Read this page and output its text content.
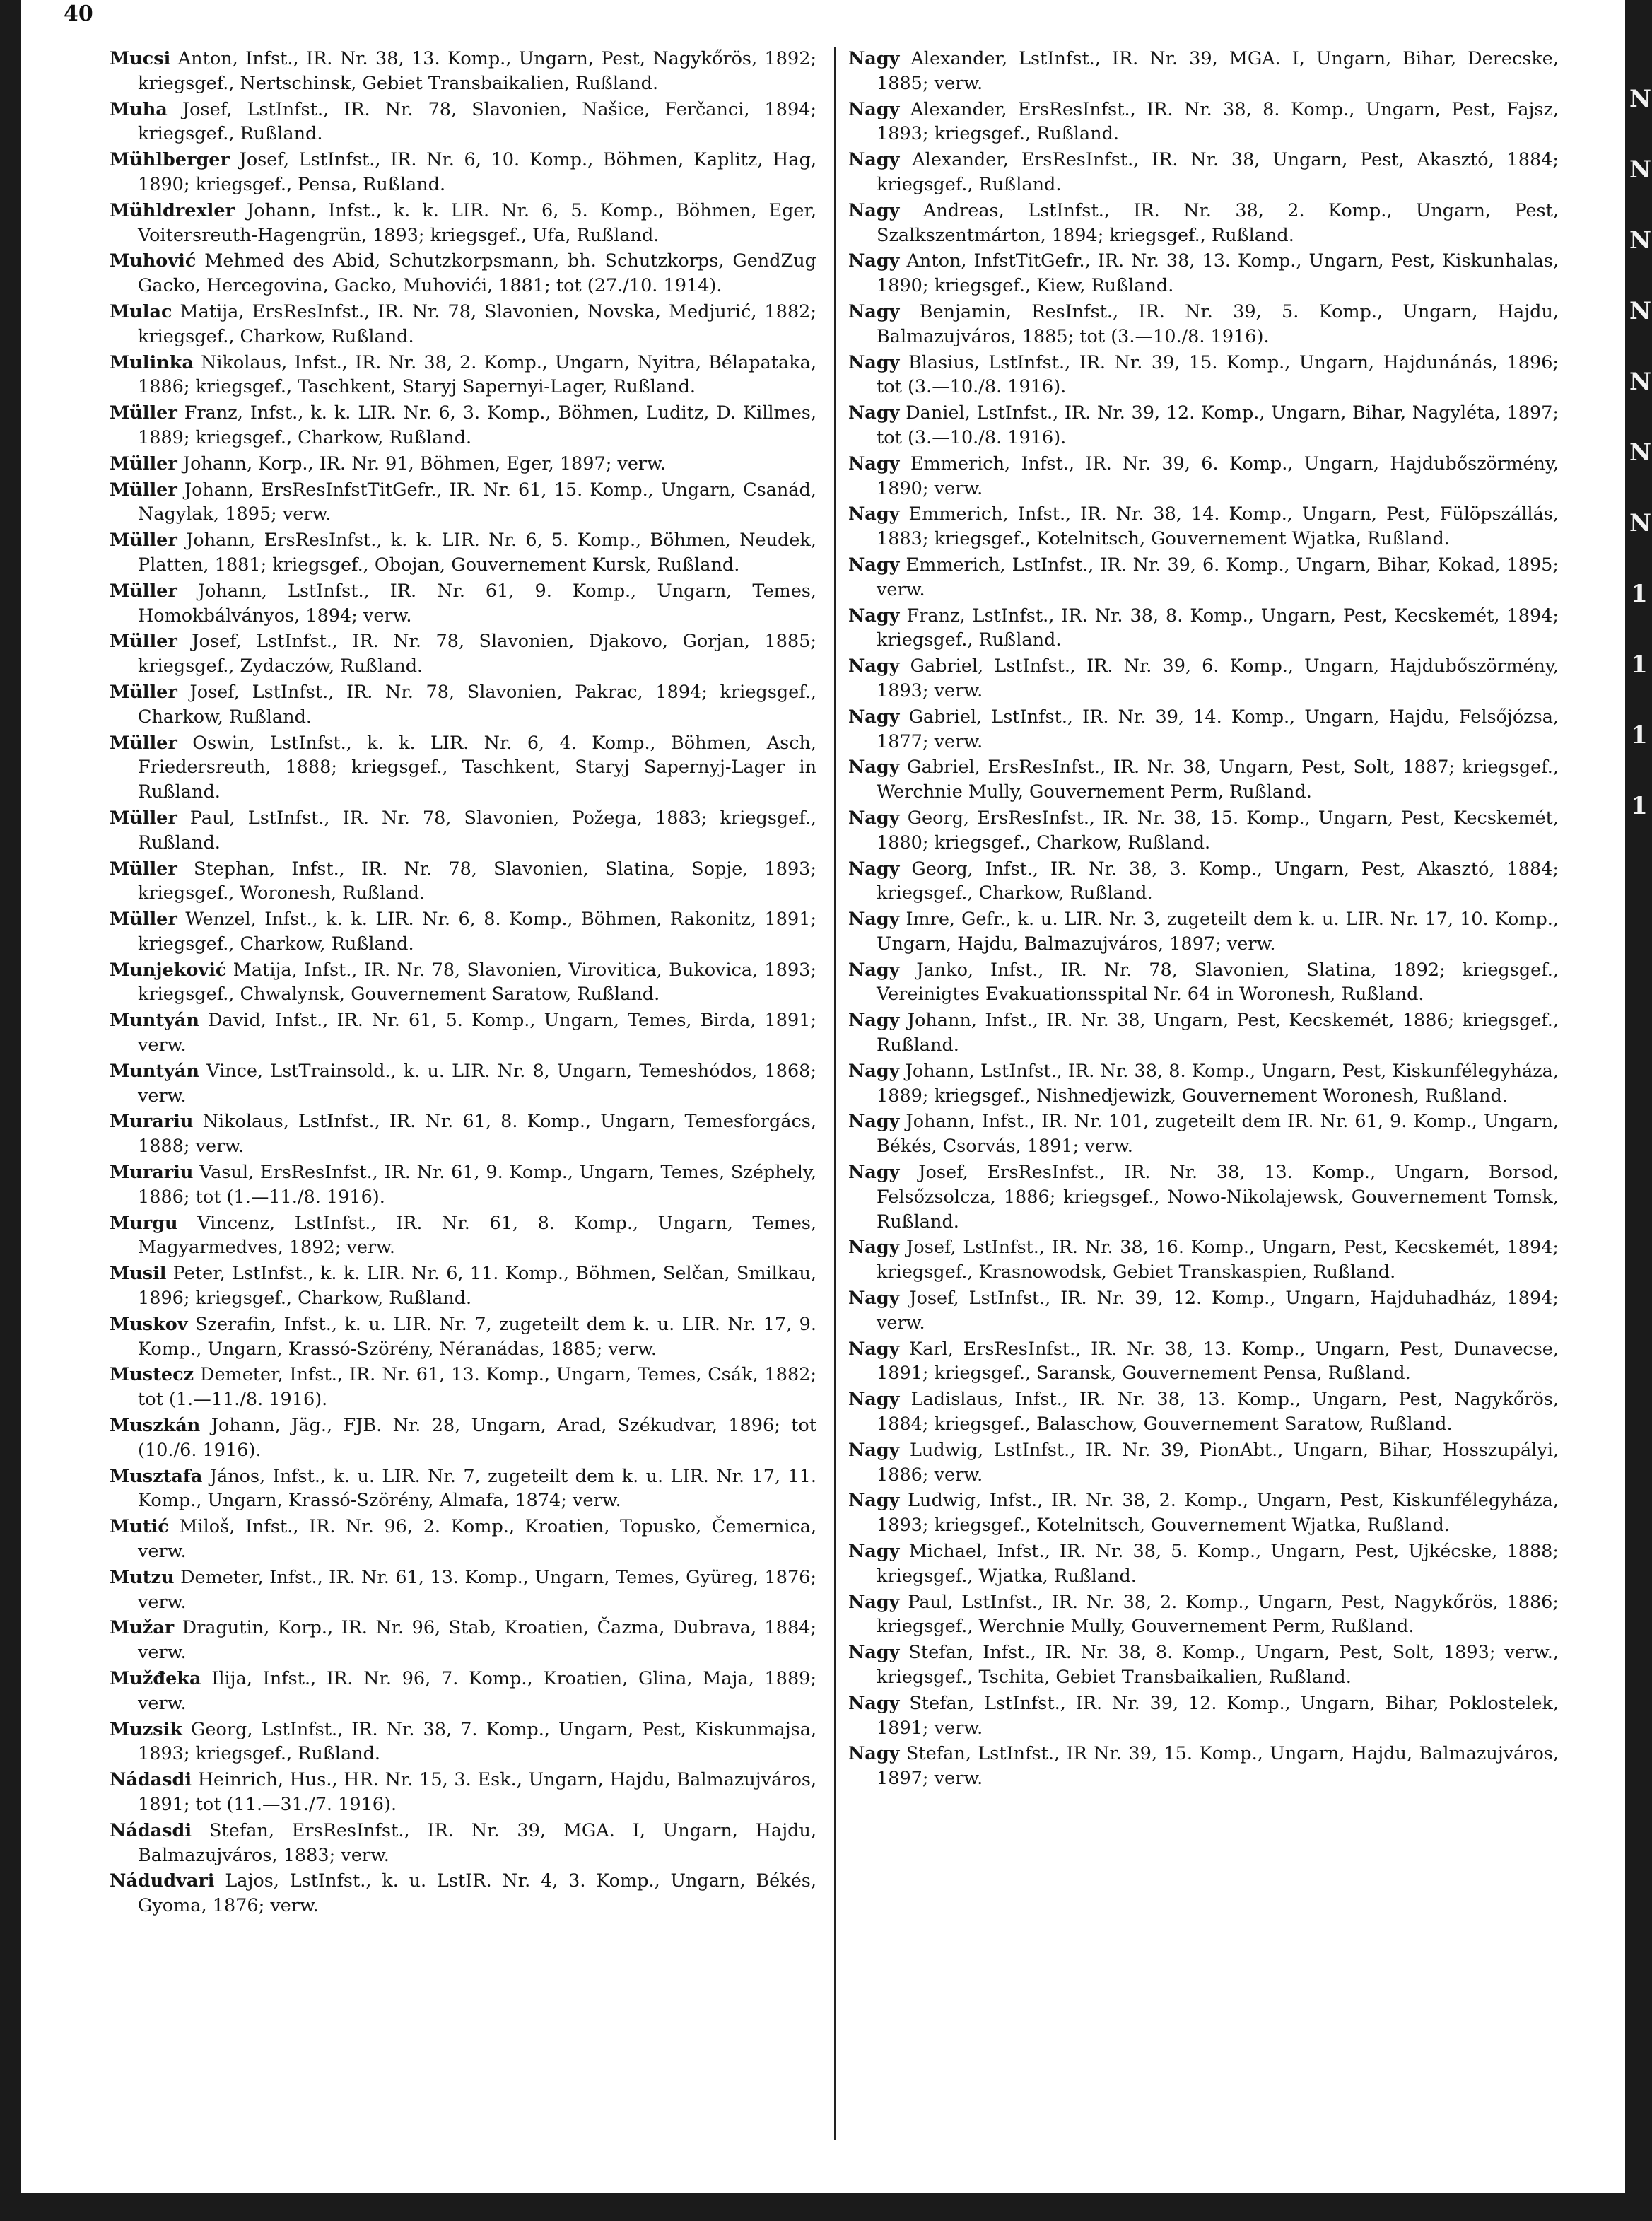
40
N
N
N
N
N
N
N
1
1
1
1

Mucsi Anton, Infst., IR. Nr. 38, 13. Komp., Ungarn, Pest, Nagykőrös, 1892; kriegsgef., Nertschinsk, Gebiet Transbaikalien, Rußland.

Muha Josef, LstInfst., IR. Nr. 78, Slavonien, Našice, Ferčanci, 1894; kriegsgef., Rußland.

Mühlberger Josef, LstInfst., IR. Nr. 6, 10. Komp., Böhmen, Kaplitz, Hag, 1890; kriegsgef., Pensa, Rußland.

Mühldrexler Johann, Infst., k. k. LIR. Nr. 6, 5. Komp., Böhmen, Eger, Voitersreuth-Hagengrün, 1893; kriegsgef., Ufa, Rußland.

Muhović Mehmed des Abid, Schutzkorpsmann, bh. Schutzkorps, GendZug Gacko, Hercegovina, Gacko, Muhovići, 1881; tot (27./10. 1914).

Mulac Matija, ErsResInfst., IR. Nr. 78, Slavonien, Novska, Medjurić, 1882; kriegsgef., Charkow, Rußland.

Mulinka Nikolaus, Infst., IR. Nr. 38, 2. Komp., Ungarn, Nyitra, Bélapataka, 1886; kriegsgef., Taschkent, Staryj Sapernyi-Lager, Rußland.

Müller Franz, Infst., k. k. LIR. Nr. 6, 3. Komp., Böhmen, Luditz, D. Killmes, 1889; kriegsgef., Charkow, Rußland.

Müller Johann, Korp., IR. Nr. 91, Böhmen, Eger, 1897; verw.

Müller Johann, ErsResInfstTitGefr., IR. Nr. 61, 15. Komp., Ungarn, Csanád, Nagylak, 1895; verw.

Müller Johann, ErsResInfst., k. k. LIR. Nr. 6, 5. Komp., Böhmen, Neudek, Platten, 1881; kriegsgef., Obojan, Gouvernement Kursk, Rußland.

Müller Johann, LstInfst., IR. Nr. 61, 9. Komp., Ungarn, Temes, Homokbálványos, 1894; verw.

Müller Josef, LstInfst., IR. Nr. 78, Slavonien, Djakovo, Gorjan, 1885; kriegsgef., Zydaczów, Rußland.

Müller Josef, LstInfst., IR. Nr. 78, Slavonien, Pakrac, 1894; kriegsgef., Charkow, Rußland.

Müller Oswin, LstInfst., k. k. LIR. Nr. 6, 4. Komp., Böhmen, Asch, Friedersreuth, 1888; kriegsgef., Taschkent, Staryj Sapernyj-Lager in Rußland.

Müller Paul, LstInfst., IR. Nr. 78, Slavonien, Požega, 1883; kriegsgef., Rußland.

Müller Stephan, Infst., IR. Nr. 78, Slavonien, Slatina, Sopje, 1893; kriegsgef., Woronesh, Rußland.

Müller Wenzel, Infst., k. k. LIR. Nr. 6, 8. Komp., Böhmen, Rakonitz, 1891; kriegsgef., Charkow, Rußland.

Munjeković Matija, Infst., IR. Nr. 78, Slavonien, Virovitica, Bukovica, 1893; kriegsgef., Chwalynsk, Gouvernement Saratow, Rußland.

Muntyán David, Infst., IR. Nr. 61, 5. Komp., Ungarn, Temes, Birda, 1891; verw.

Muntyán Vince, LstTrainsold., k. u. LIR. Nr. 8, Ungarn, Temeshódos, 1868; verw.

Murariu Nikolaus, LstInfst., IR. Nr. 61, 8. Komp., Ungarn, Temesforgács, 1888; verw.

Murariu Vasul, ErsResInfst., IR. Nr. 61, 9. Komp., Ungarn, Temes, Széphely, 1886; tot (1.—11./8. 1916).

Murgu Vincenz, LstInfst., IR. Nr. 61, 8. Komp., Ungarn, Temes, Magyarmedves, 1892; verw.

Musil Peter, LstInfst., k. k. LIR. Nr. 6, 11. Komp., Böhmen, Selčan, Smilkau, 1896; kriegsgef., Charkow, Rußland.

Muskov Szerafin, Infst., k. u. LIR. Nr. 7, zugeteilt dem k. u. LIR. Nr. 17, 9. Komp., Ungarn, Krassó-Szörény, Néranádas, 1885; verw.

Mustecz Demeter, Infst., IR. Nr. 61, 13. Komp., Ungarn, Temes, Csák, 1882; tot (1.—11./8. 1916).

Muszkán Johann, Jäg., FJB. Nr. 28, Ungarn, Arad, Székudvar, 1896; tot (10./6. 1916).

Musztafa János, Infst., k. u. LIR. Nr. 7, zugeteilt dem k. u. LIR. Nr. 17, 11. Komp., Ungarn, Krassó-Szörény, Almafa, 1874; verw.

Mutić Miloš, Infst., IR. Nr. 96, 2. Komp., Kroatien, Topusko, Čemernica, verw.

Mutzu Demeter, Infst., IR. Nr. 61, 13. Komp., Ungarn, Temes, Gyüreg, 1876; verw.

Mužar Dragutin, Korp., IR. Nr. 96, Stab, Kroatien, Čazma, Dubrava, 1884; verw.

Mužđeka Ilija, Infst., IR. Nr. 96, 7. Komp., Kroatien, Glina, Maja, 1889; verw.

Muzsik Georg, LstInfst., IR. Nr. 38, 7. Komp., Ungarn, Pest, Kiskunmajsa, 1893; kriegsgef., Rußland.

Nádasdi Heinrich, Hus., HR. Nr. 15, 3. Esk., Ungarn, Hajdu, Balmazujváros, 1891; tot (11.—31./7. 1916).

Nádasdi Stefan, ErsResInfst., IR. Nr. 39, MGA. I, Ungarn, Hajdu, Balmazujváros, 1883; verw.

Nádudvari Lajos, LstInfst., k. u. LstIR. Nr. 4, 3. Komp., Ungarn, Békés, Gyoma, 1876; verw.

Nagy Alexander, LstInfst., IR. Nr. 39, MGA. I, Ungarn, Bihar, Derecske, 1885; verw.

Nagy Alexander, ErsResInfst., IR. Nr. 38, 8. Komp., Ungarn, Pest, Fajsz, 1893; kriegsgef., Rußland.

Nagy Alexander, ErsResInfst., IR. Nr. 38, Ungarn, Pest, Akasztó, 1884; kriegsgef., Rußland.

Nagy Andreas, LstInfst., IR. Nr. 38, 2. Komp., Ungarn, Pest, Szalkszentmárton, 1894; kriegsgef., Rußland.

Nagy Anton, InfstTitGefr., IR. Nr. 38, 13. Komp., Ungarn, Pest, Kiskunhalas, 1890; kriegsgef., Kiew, Rußland.

Nagy Benjamin, ResInfst., IR. Nr. 39, 5. Komp., Ungarn, Hajdu, Balmazujváros, 1885; tot (3.—10./8. 1916).

Nagy Blasius, LstInfst., IR. Nr. 39, 15. Komp., Ungarn, Hajdunánás, 1896; tot (3.—10./8. 1916).

Nagy Daniel, LstInfst., IR. Nr. 39, 12. Komp., Ungarn, Bihar, Nagyléta, 1897; tot (3.—10./8. 1916).

Nagy Emmerich, Infst., IR. Nr. 39, 6. Komp., Ungarn, Hajdubőszörmény, 1890; verw.

Nagy Emmerich, Infst., IR. Nr. 38, 14. Komp., Ungarn, Pest, Fülöpszállás, 1883; kriegsgef., Kotelnitsch, Gouvernement Wjatka, Rußland.

Nagy Emmerich, LstInfst., IR. Nr. 39, 6. Komp., Ungarn, Bihar, Kokad, 1895; verw.

Nagy Franz, LstInfst., IR. Nr. 38, 8. Komp., Ungarn, Pest, Kecskemét, 1894; kriegsgef., Rußland.

Nagy Gabriel, LstInfst., IR. Nr. 39, 6. Komp., Ungarn, Hajdubőszörmény, 1893; verw.

Nagy Gabriel, LstInfst., IR. Nr. 39, 14. Komp., Ungarn, Hajdu, Felsőjózsa, 1877; verw.

Nagy Gabriel, ErsResInfst., IR. Nr. 38, Ungarn, Pest, Solt, 1887; kriegsgef., Werchnie Mully, Gouvernement Perm, Rußland.

Nagy Georg, ErsResInfst., IR. Nr. 38, 15. Komp., Ungarn, Pest, Kecskemét, 1880; kriegsgef., Charkow, Rußland.

Nagy Georg, Infst., IR. Nr. 38, 3. Komp., Ungarn, Pest, Akasztó, 1884; kriegsgef., Charkow, Rußland.

Nagy Imre, Gefr., k. u. LIR. Nr. 3, zugeteilt dem k. u. LIR. Nr. 17, 10. Komp., Ungarn, Hajdu, Balmazujváros, 1897; verw.

Nagy Janko, Infst., IR. Nr. 78, Slavonien, Slatina, 1892; kriegsgef., Vereinigtes Evakuationsspital Nr. 64 in Woronesh, Rußland.

Nagy Johann, Infst., IR. Nr. 38, Ungarn, Pest, Kecskemét, 1886; kriegsgef., Rußland.

Nagy Johann, LstInfst., IR. Nr. 38, 8. Komp., Ungarn, Pest, Kiskunfélegyháza, 1889; kriegsgef., Nishnedjewizk, Gouvernement Woronesh, Rußland.

Nagy Johann, Infst., IR. Nr. 101, zugeteilt dem IR. Nr. 61, 9. Komp., Ungarn, Békés, Csorvás, 1891; verw.

Nagy Josef, ErsResInfst., IR. Nr. 38, 13. Komp., Ungarn, Borsod, Felsőzsolcza, 1886; kriegsgef., Nowo-Nikolajewsk, Gouvernement Tomsk, Rußland.

Nagy Josef, LstInfst., IR. Nr. 38, 16. Komp., Ungarn, Pest, Kecskemét, 1894; kriegsgef., Krasnowodsk, Gebiet Transkaspien, Rußland.

Nagy Josef, LstInfst., IR. Nr. 39, 12. Komp., Ungarn, Hajduhadház, 1894; verw.

Nagy Karl, ErsResInfst., IR. Nr. 38, 13. Komp., Ungarn, Pest, Dunavecse, 1891; kriegsgef., Saransk, Gouvernement Pensa, Rußland.

Nagy Ladislaus, Infst., IR. Nr. 38, 13. Komp., Ungarn, Pest, Nagykőrös, 1884; kriegsgef., Balaschow, Gouvernement Saratow, Rußland.

Nagy Ludwig, LstInfst., IR. Nr. 39, PionAbt., Ungarn, Bihar, Hosszupályi, 1886; verw.

Nagy Ludwig, Infst., IR. Nr. 38, 2. Komp., Ungarn, Pest, Kiskunfélegyháza, 1893; kriegsgef., Kotelnitsch, Gouvernement Wjatka, Rußland.

Nagy Michael, Infst., IR. Nr. 38, 5. Komp., Ungarn, Pest, Ujkécske, 1888; kriegsgef., Wjatka, Rußland.

Nagy Paul, LstInfst., IR. Nr. 38, 2. Komp., Ungarn, Pest, Nagykőrös, 1886; kriegsgef., Werchnie Mully, Gouvernement Perm, Rußland.

Nagy Stefan, Infst., IR. Nr. 38, 8. Komp., Ungarn, Pest, Solt, 1893; verw., kriegsgef., Tschita, Gebiet Transbaikalien, Rußland.

Nagy Stefan, LstInfst., IR. Nr. 39, 12. Komp., Ungarn, Bihar, Poklostelek, 1891; verw.

Nagy Stefan, LstInfst., IR Nr. 39, 15. Komp., Ungarn, Hajdu, Balmazujváros, 1897; verw.
